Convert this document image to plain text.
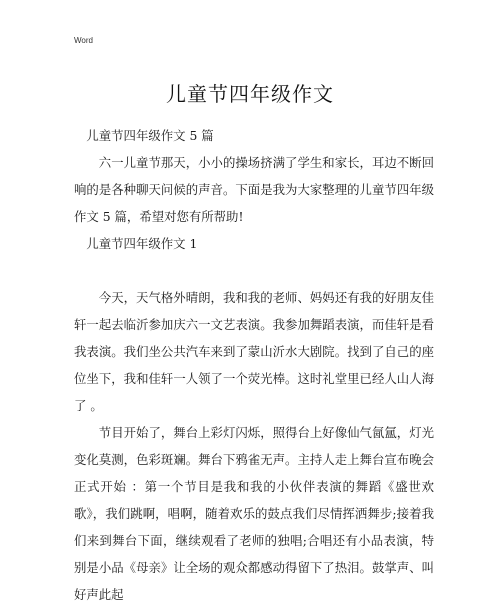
Word
儿童节四年级作文

儿童节四年级作文 5 篇

六一儿童节那天，小小的操场挤满了学生和家长，耳边不断回响的是各种聊天问候的声音。下面是我为大家整理的儿童节四年级作文 5 篇，希望对您有所帮助!

儿童节四年级作文 1

今天，天气格外晴朗，我和我的老师、妈妈还有我的好朋友佳轩一起去临沂参加庆六一文艺表演。我参加舞蹈表演，而佳轩是看我表演。我们坐公共汽车来到了蒙山沂水大剧院。找到了自己的座位坐下，我和佳轩一人领了一个荧光棒。这时礼堂里已经人山人海了 。

节目开始了，舞台上彩灯闪烁，照得台上好像仙气氤氲，灯光变化莫测，色彩斑斓。舞台下鸦雀无声。主持人走上舞台宣布晚会正式开始 ：第一个节目是我和我的小伙伴表演的舞蹈《盛世欢歌》，我们跳啊，唱啊，随着欢乐的鼓点我们尽情挥洒舞步;接着我们来到舞台下面，继续观看了老师的独唱;合唱还有小品表演，特别是小品《母亲》让全场的观众都感动得留下了热泪。鼓掌声、叫好声此起
